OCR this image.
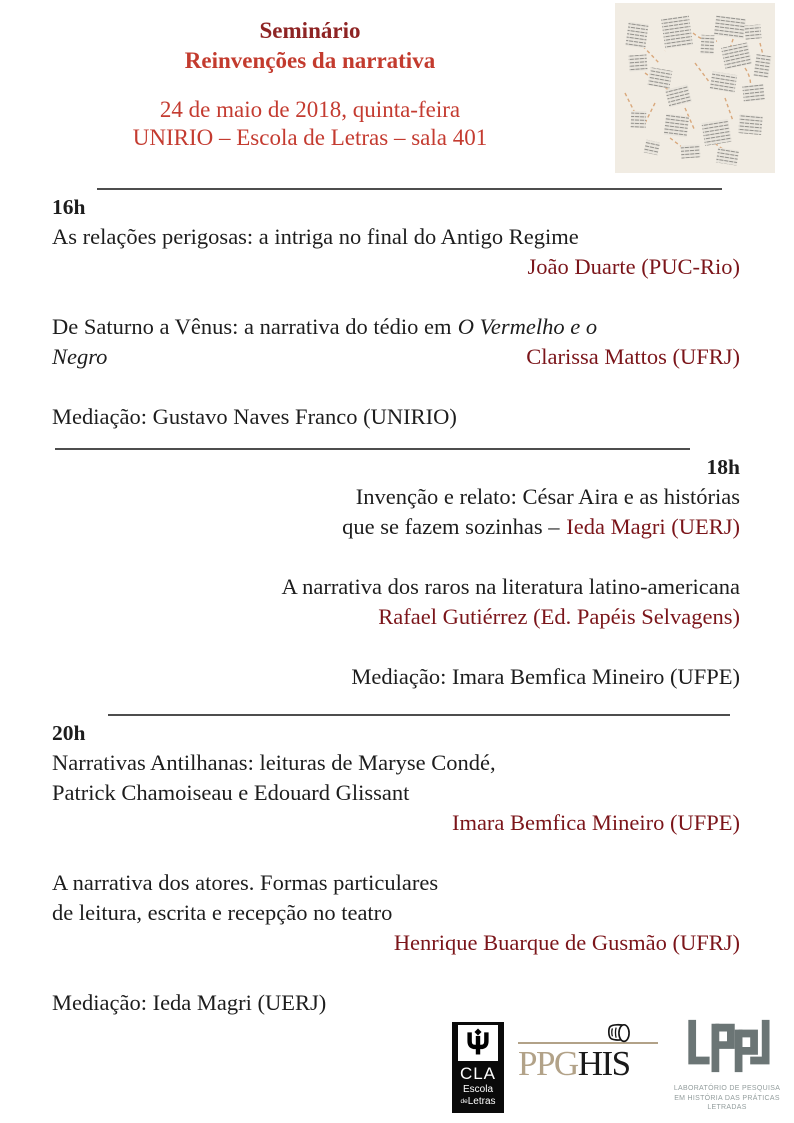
Seminário
Reinvenções da narrativa
24 de maio de 2018, quinta-feira
UNIRIO – Escola de Letras – sala 401

16h

As relações perigosas: a intriga no final do Antigo Regime

João Duarte (PUC-Rio)

De Saturno a Vênus: a narrativa do tédio em O Vermelho e o

Negro	Clarissa Mattos (UFRJ)

Mediação: Gustavo Naves Franco (UNIRIO)

18h

Invenção e relato: César Aira e as histórias

que se fazem sozinhas – Ieda Magri (UERJ)

A narrativa dos raros na literatura latino-americana

Rafael Gutiérrez (Ed. Papéis Selvagens)

Mediação: Imara Bemfica Mineiro (UFPE)

20h

Narrativas Antilhanas: leituras de Maryse Condé,

Patrick Chamoiseau e Edouard Glissant

Imara Bemfica Mineiro (UFPE)

A narrativa dos atores. Formas particulares

de leitura, escrita e recepção no teatro

Henrique Buarque de Gusmão (UFRJ)

Mediação: Ieda Magri (UERJ)

CLA
Escola
deLetras
PPGHIS
LABORATÓRIO DE PESQUISA
EM HISTÓRIA DAS PRÁTICAS
LETRADAS
